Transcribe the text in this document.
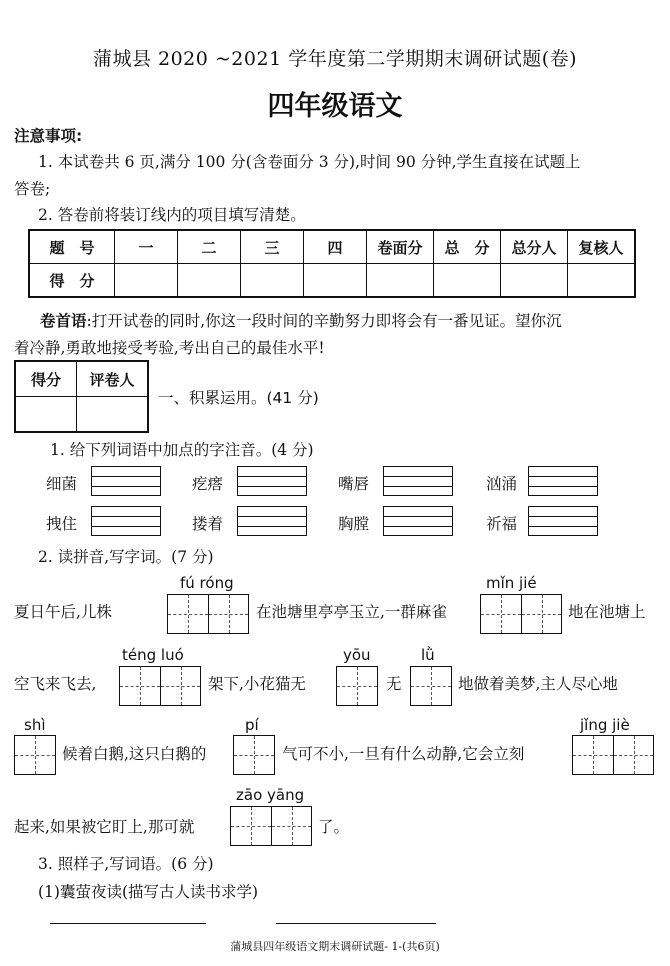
蒲城县 2020 ~2021 学年度第二学期期末调研试题(卷)
四年级语文
注意事项:
1. 本试卷共 6 页,满分 100 分(含卷面分 3 分),时间 90 分钟,学生直接在试题上
答卷;
2. 答卷前将装订线内的项目填写清楚。
题　号	一	二	三	四	卷面分	总　分	总分人	复核人
得　分								
卷首语:打开试卷的同时,你这一段时间的辛勤努力即将会有一番见证。望你沉
着冷静,勇敢地接受考验,考出自己的最佳水平!
得分	评卷人

一、积累运用。(41 分)
1. 给下列词语中加点的字注音。(4 分)
细菌	疙瘩	嘴唇	汹涌
拽住	搂着	胸膛	祈福
2. 读拼音,写字词。(7 分)
fú róng	mǐn jié
夏日午后,儿株	在池塘里亭亭玉立,一群麻雀	地在池塘上
téng luó	yōu	lǜ
空飞来飞去,	架下,小花猫无	无	地做着美梦,主人尽心地
shì	pí	jǐng jiè
候着白鹅,这只白鹅的	气可不小,一旦有什么动静,它会立刻
zāo yāng
起来,如果被它盯上,那可就	了。
3. 照样子,写词语。(6 分)
(1)囊萤夜读(描写古人读书求学)
蒲城县四年级语文期末调研试题- 1-(共6页)
